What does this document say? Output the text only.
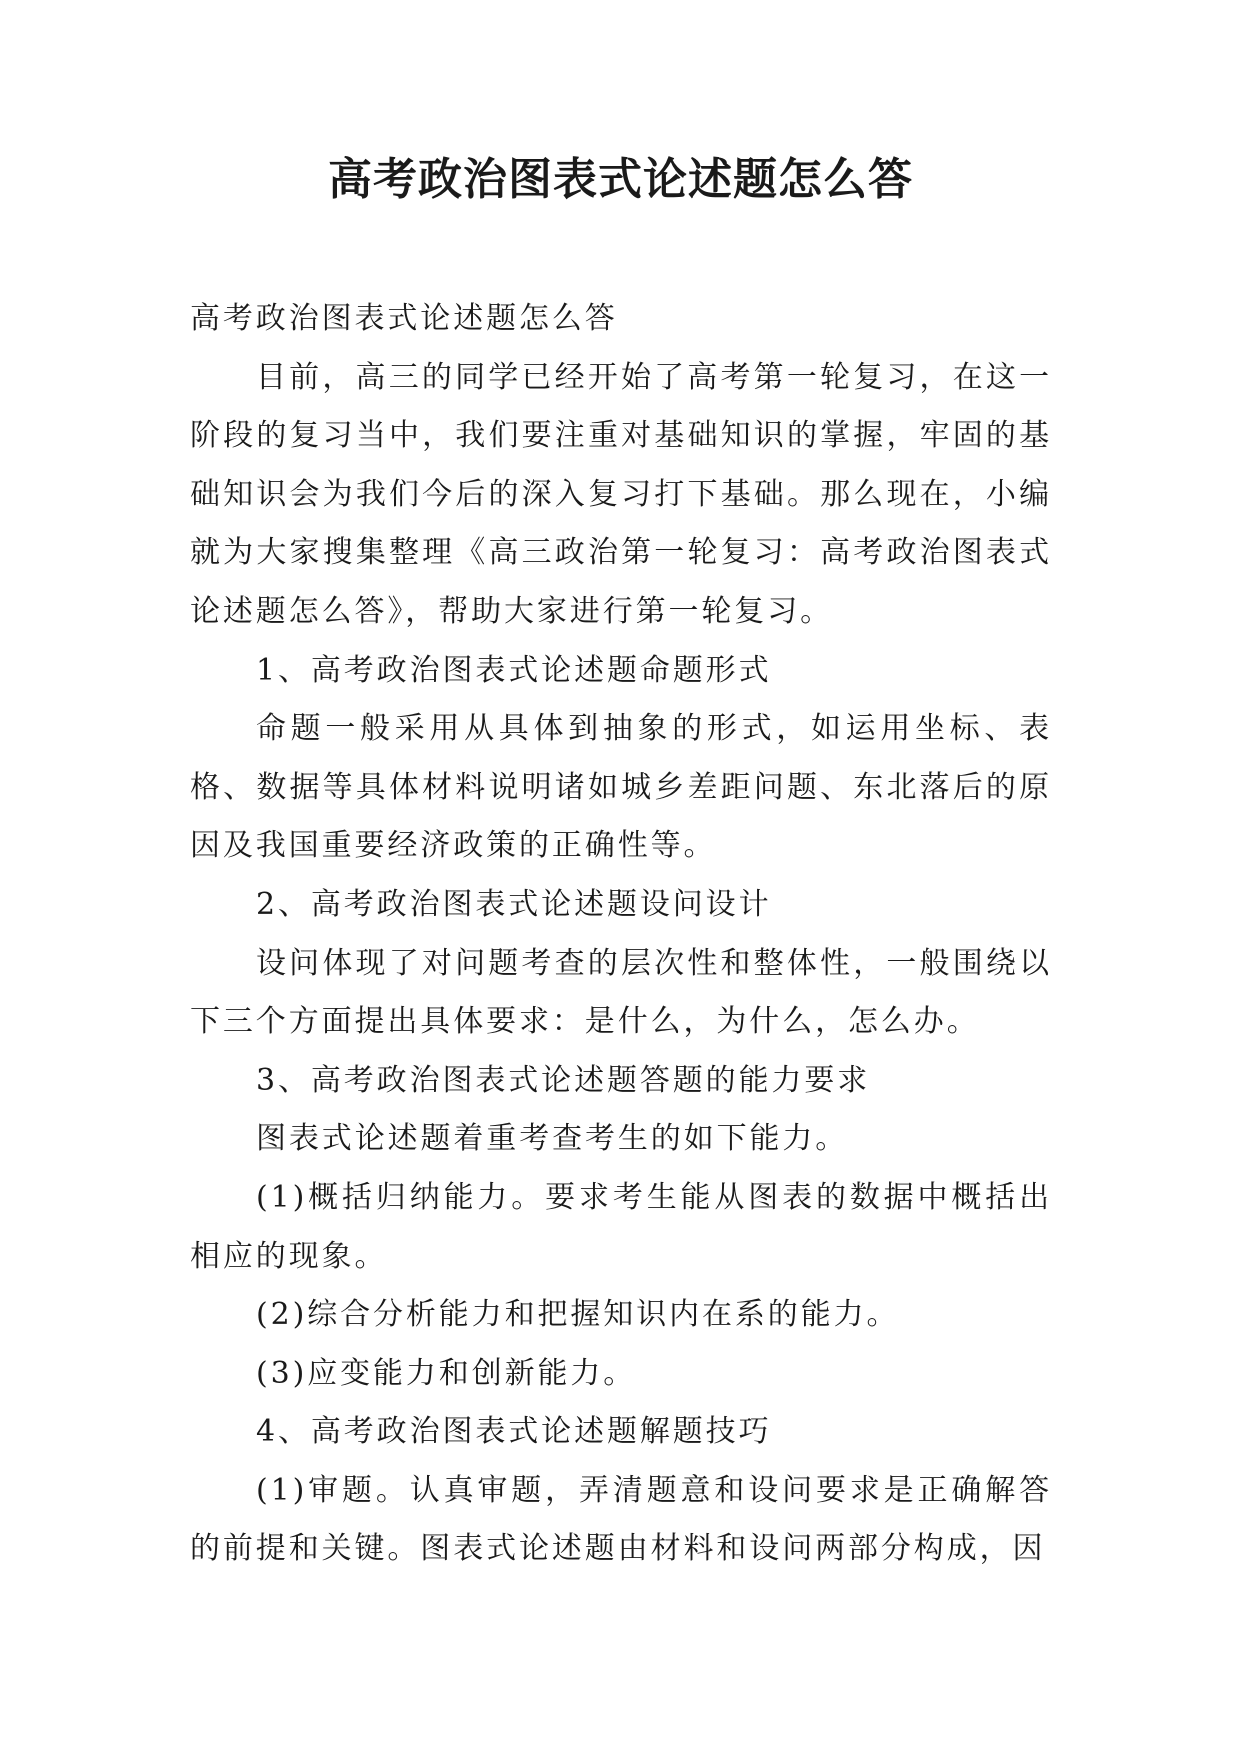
高考政治图表式论述题怎么答

高考政治图表式论述题怎么答

目前，高三的同学已经开始了高考第一轮复习，在这一阶段的复习当中，我们要注重对基础知识的掌握，牢固的基础知识会为我们今后的深入复习打下基础。那么现在，小编就为大家搜集整理《高三政治第一轮复习：高考政治图表式论述题怎么答》，帮助大家进行第一轮复习。

1、高考政治图表式论述题命题形式

命题一般采用从具体到抽象的形式，如运用坐标、表格、数据等具体材料说明诸如城乡差距问题、东北落后的原因及我国重要经济政策的正确性等。

2、高考政治图表式论述题设问设计

设问体现了对问题考查的层次性和整体性，一般围绕以下三个方面提出具体要求：是什么，为什么，怎么办。

3、高考政治图表式论述题答题的能力要求

图表式论述题着重考查考生的如下能力。

(1)概括归纳能力。要求考生能从图表的数据中概括出相应的现象。

(2)综合分析能力和把握知识内在系的能力。

(3)应变能力和创新能力。

4、高考政治图表式论述题解题技巧

(1)审题。认真审题，弄清题意和设问要求是正确解答的前提和关键。图表式论述题由材料和设问两部分构成，因
